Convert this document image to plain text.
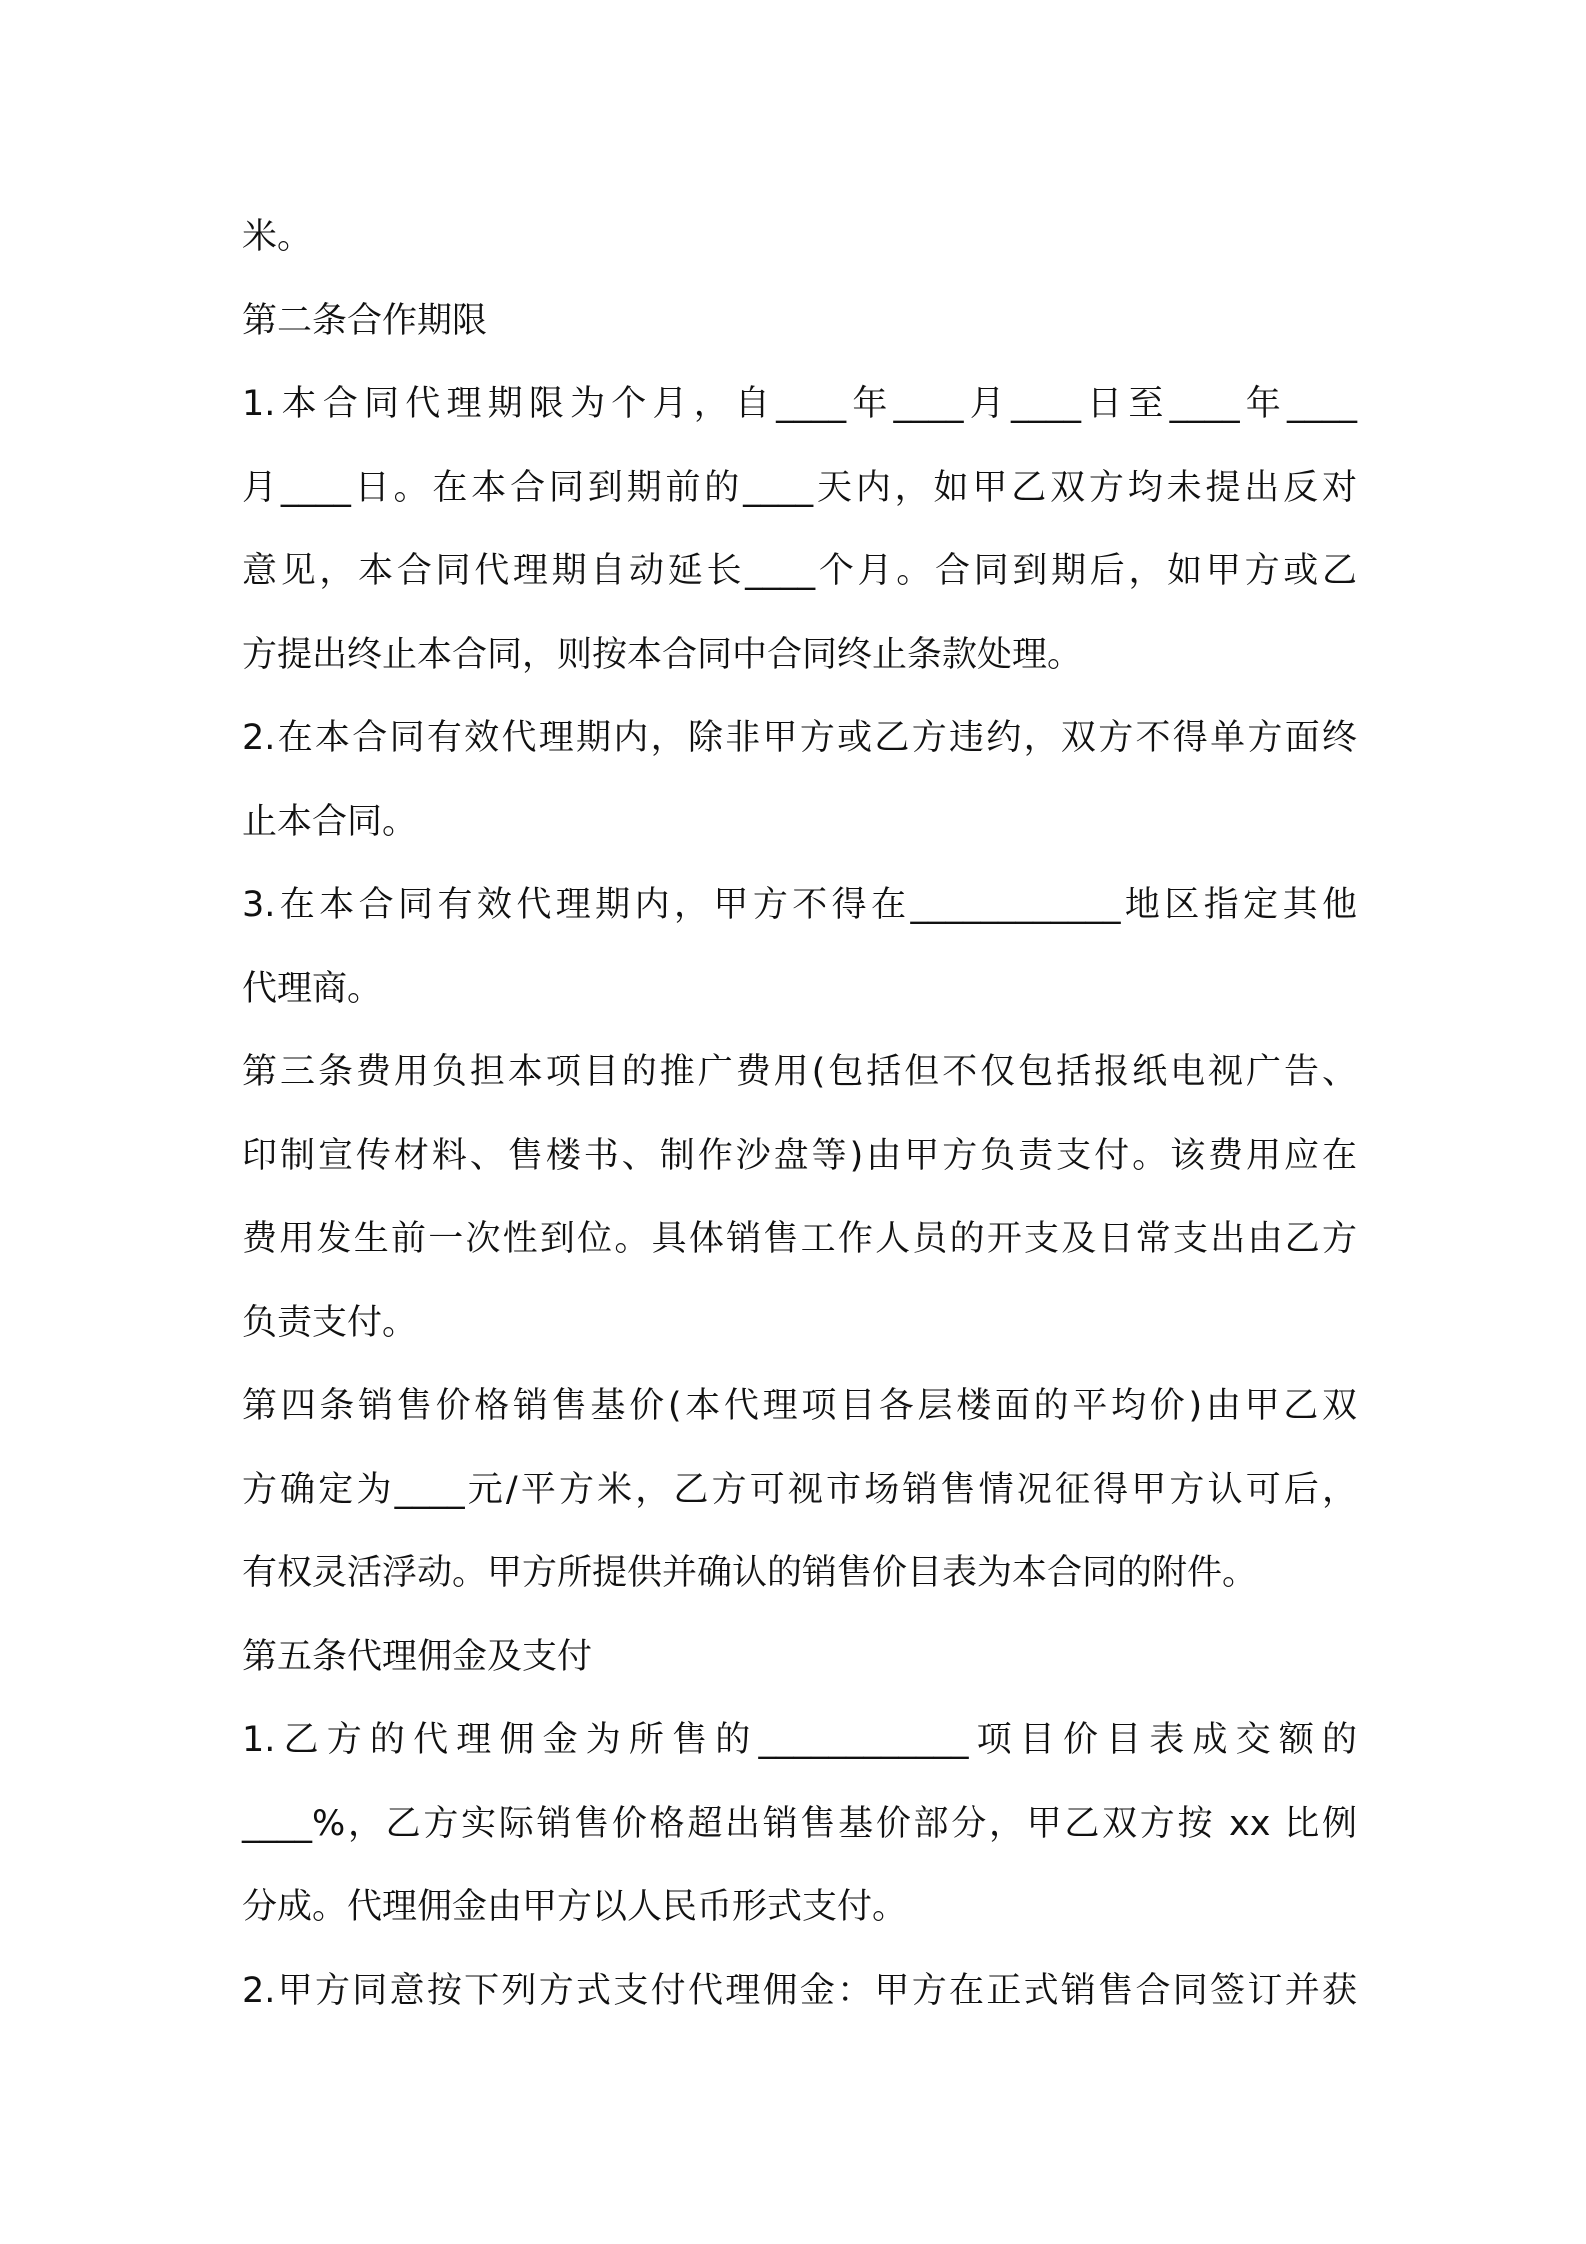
米。
第二条合作期限
1.本合同代理期限为个月，自____年____月____日至____年____
月____日。在本合同到期前的____天内，如甲乙双方均未提出反对
意见，本合同代理期自动延长____个月。合同到期后，如甲方或乙
方提出终止本合同，则按本合同中合同终止条款处理。
2.在本合同有效代理期内，除非甲方或乙方违约，双方不得单方面终
止本合同。
3.在本合同有效代理期内，甲方不得在____________地区指定其他
代理商。
第三条费用负担本项目的推广费用(包括但不仅包括报纸电视广告、
印制宣传材料、售楼书、制作沙盘等)由甲方负责支付。该费用应在
费用发生前一次性到位。具体销售工作人员的开支及日常支出由乙方
负责支付。
第四条销售价格销售基价(本代理项目各层楼面的平均价)由甲乙双
方确定为____元/平方米，乙方可视市场销售情况征得甲方认可后，
有权灵活浮动。甲方所提供并确认的销售价目表为本合同的附件。
第五条代理佣金及支付
1.乙方的代理佣金为所售的____________项目价目表成交额的
____%，乙方实际销售价格超出销售基价部分，甲乙双方按 xx 比例
分成。代理佣金由甲方以人民币形式支付。
2.甲方同意按下列方式支付代理佣金：甲方在正式销售合同签订并获
